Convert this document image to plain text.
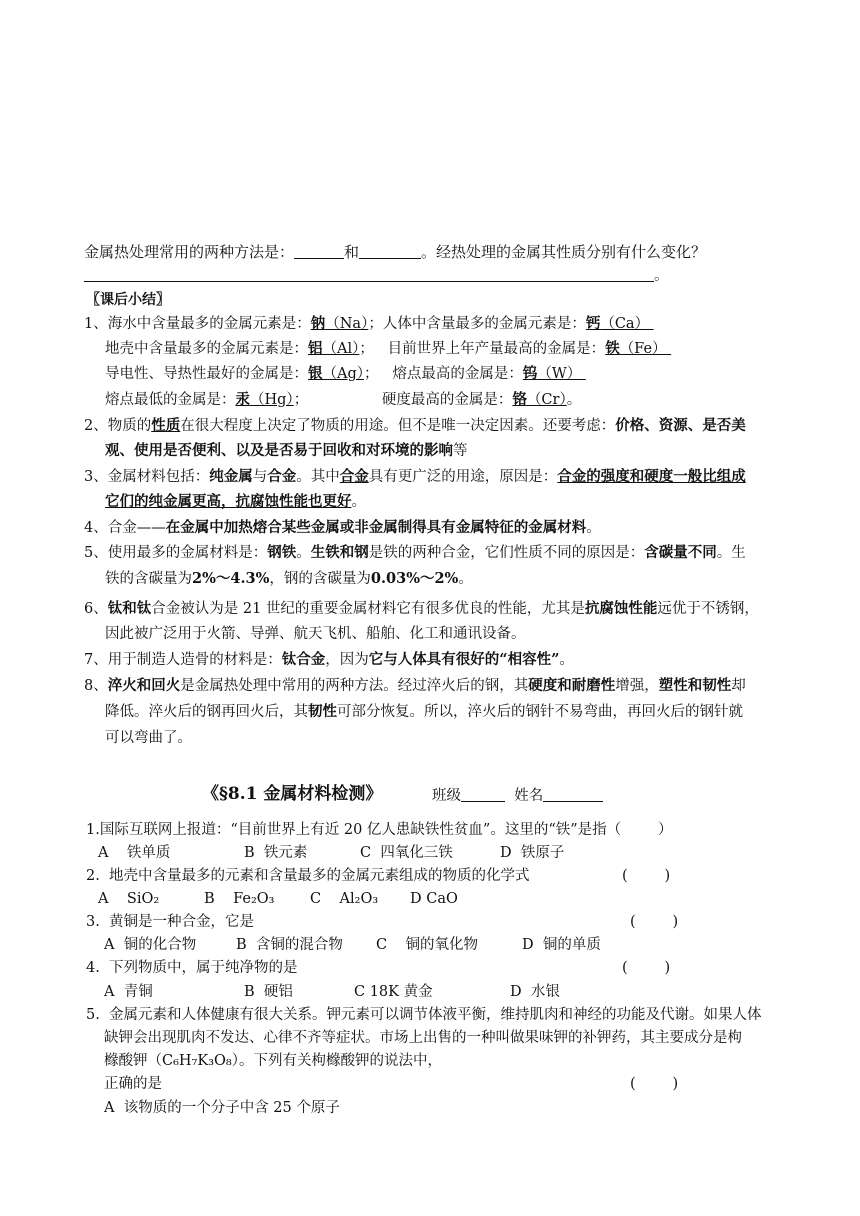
金属热处理常用的两种方法是：	和	。经热处理的金属其性质分别有什么变化？
。
〖课后小结〗
1、海水中含量最多的金属元素是：钠（Na）；人体中含量最多的金属元素是：钙（Ca）
地壳中含量最多的金属元素是：铝（Al）；   目前世界上年产量最高的金属是：铁（Fe）
导电性、导热性最好的金属是：银（Ag）；   熔点最高的金属是：钨（W）
熔点最低的金属是：汞（Hg）；                硬度最高的金属是：铬（Cr）。
2、物质的性质在很大程度上决定了物质的用途。但不是唯一决定因素。还要考虑：价格、资源、是否美
观、使用是否便利、以及是否易于回收和对环境的影响等
3、金属材料包括：纯金属与合金。其中合金具有更广泛的用途，原因是：合金的强度和硬度一般比组成
它们的纯金属更高，抗腐蚀性能也更好。
4、合金——在金属中加热熔合某些金属或非金属制得具有金属特征的金属材料。
5、使用最多的金属材料是：钢铁。生铁和钢是铁的两种合金，它们性质不同的原因是：含碳量不同。生
铁的含碳量为2%～4.3%，钢的含碳量为0.03%～2%。
6、钛和钛合金被认为是 21 世纪的重要金属材料它有很多优良的性能，尤其是抗腐蚀性能远优于不锈钢，
因此被广泛用于火箭、导弹、航天飞机、船舶、化工和通讯设备。
7、用于制造人造骨的材料是：钛合金，因为它与人体具有很好的“相容性”。
8、淬火和回火是金属热处理中常用的两种方法。经过淬火后的钢，其硬度和耐磨性增强，塑性和韧性却
降低。淬火后的钢再回火后，其韧性可部分恢复。所以，淬火后的钢针不易弯曲，再回火后的钢针就
可以弯曲了。
《§8.1 金属材料检测》	班级	姓名
1.国际互联网上报道：“目前世界上有近 20 亿人患缺铁性贫血”。这里的“铁”是指（        ）
A    铁单质	B  铁元素	C  四氧化三铁	D  铁原子
2.  地壳中含量最多的元素和含量最多的金属元素组成的物质的化学式	(        )
A    SiO₂	B    Fe₂O₃ C    Al₂O₃ D CaO
3.  黄铜是一种合金，它是	(        )
A  铜的化合物	B  含铜的混合物 C    铜的氧化物	D  铜的单质
4.  下列物质中，属于纯净物的是	(        )
A  青铜	B  硬铝	C 18K 黄金	D  水银
5.  金属元素和人体健康有很大关系。钾元素可以调节体液平衡，维持肌肉和神经的功能及代谢。如果人体
缺钾会出现肌肉不发达、心律不齐等症状。市场上出售的一种叫做果味钾的补钾药，其主要成分是枸
橼酸钾（C₆H₇K₃O₈）。下列有关枸橼酸钾的说法中，
正确的是	(        )
A  该物质的一个分子中含 25 个原子
